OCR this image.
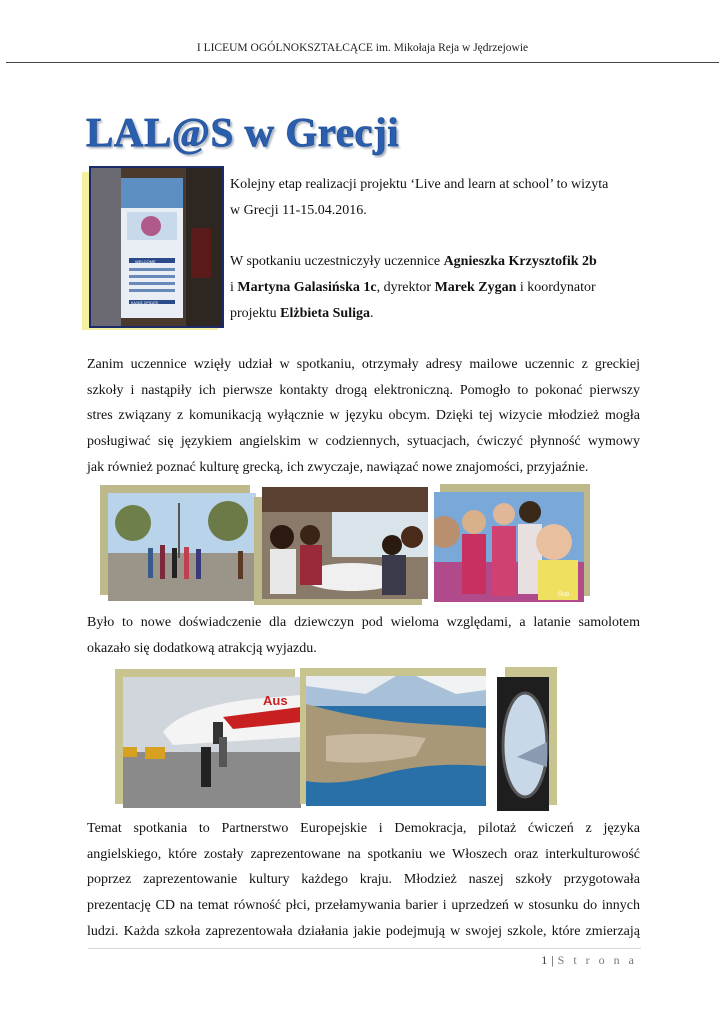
I LICEUM OGÓLNOKSZTAŁCĄCE im. Mikołaja Reja w Jędrzejowie
LAL@S w Grecji
WELCOME
KAΛΩΣ ΟΡΙΣΑΤΕ
Kolejny etap realizacji projektu ‘Live and learn at school’ to wizyta
w Grecji 11-15.04.2016.
W spotkaniu uczestniczyły uczennice Agnieszka Krzysztofik 2b
i Martyna Galasińska 1c, dyrektor Marek Zygan i koordynator
projektu Elżbieta Suliga.
Zanim uczennice wzięły udział w spotkaniu, otrzymały adresy mailowe uczennic z greckiej
szkoły i nastąpiły ich pierwsze kontakty drogą elektroniczną. Pomogło to pokonać pierwszy
stres związany z komunikacją wyłącznie w języku obcym. Dzięki tej wizycie młodzież mogła
posługiwać się językiem angielskim w codziennych, sytuacjach, ćwiczyć płynność wymowy
jak również poznać kulturę grecką, ich zwyczaje, nawiązać nowe znajomości, przyjaźnie.
Rob
Było to nowe doświadczenie dla dziewczyn pod wieloma względami, a latanie samolotem
okazało się dodatkową atrakcją wyjazdu.
Aus
Temat spotkania to Partnerstwo Europejskie i Demokracja, pilotaż ćwiczeń z języka
angielskiego, które zostały zaprezentowane na spotkaniu we Włoszech oraz interkulturowość
poprzez zaprezentowanie kultury każdego kraju. Młodzież naszej szkoły przygotowała
prezentację CD na temat równość płci, przełamywania barier i uprzedzeń w stosunku do innych
ludzi. Każda szkoła zaprezentowała działania jakie podejmują w swojej szkole, które zmierzają
1 | S t r o n a
